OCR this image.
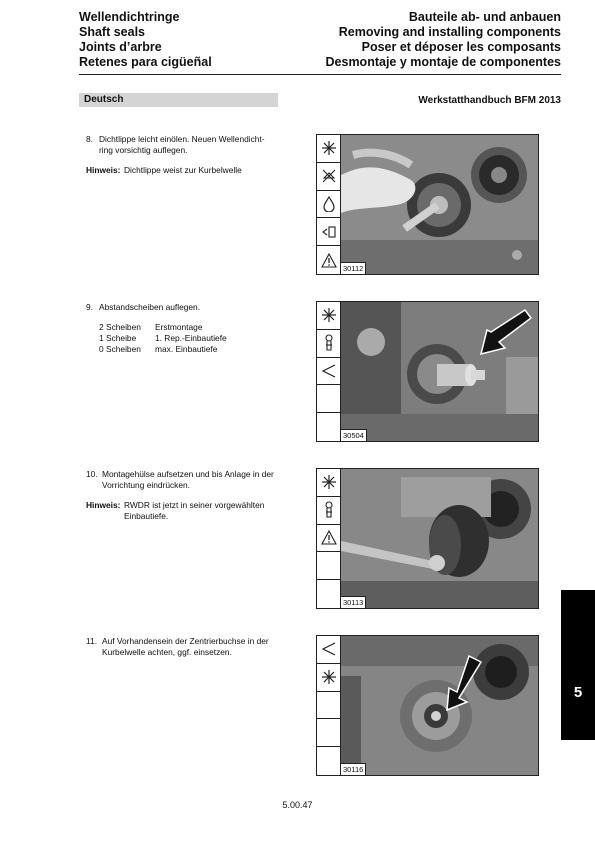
Wellendichtringe
Shaft seals
Joints d’arbre
Retenes para cigüeñal
Bauteile ab- und anbauen
Removing and installing components
Poser et déposer les composants
Desmontaje y montaje de componentes
Deutsch	Werkstatthandbuch BFM 2013
8. Dichtlippe leicht einölen. Neuen Wellendicht-
ring vorsichtig auflegen.
Hinweis: Dichtlippe weist zur Kurbelwelle
9. Abstandscheiben auflegen.
2 Scheiben	Erstmontage
1 Scheibe	1. Rep.-Einbautiefe
0 Scheiben	max. Einbautiefe
10. Montagehülse aufsetzen und bis Anlage in der
Vorrichtung eindrücken.
Hinweis: RWDR ist jetzt in seiner vorgewählten
Einbautiefe.
11. Auf Vorhandensein der Zentrierbuchse in der
Kurbelwelle achten, ggf. einsetzen.
30112
30504
30113
30116
5
5.00.47
